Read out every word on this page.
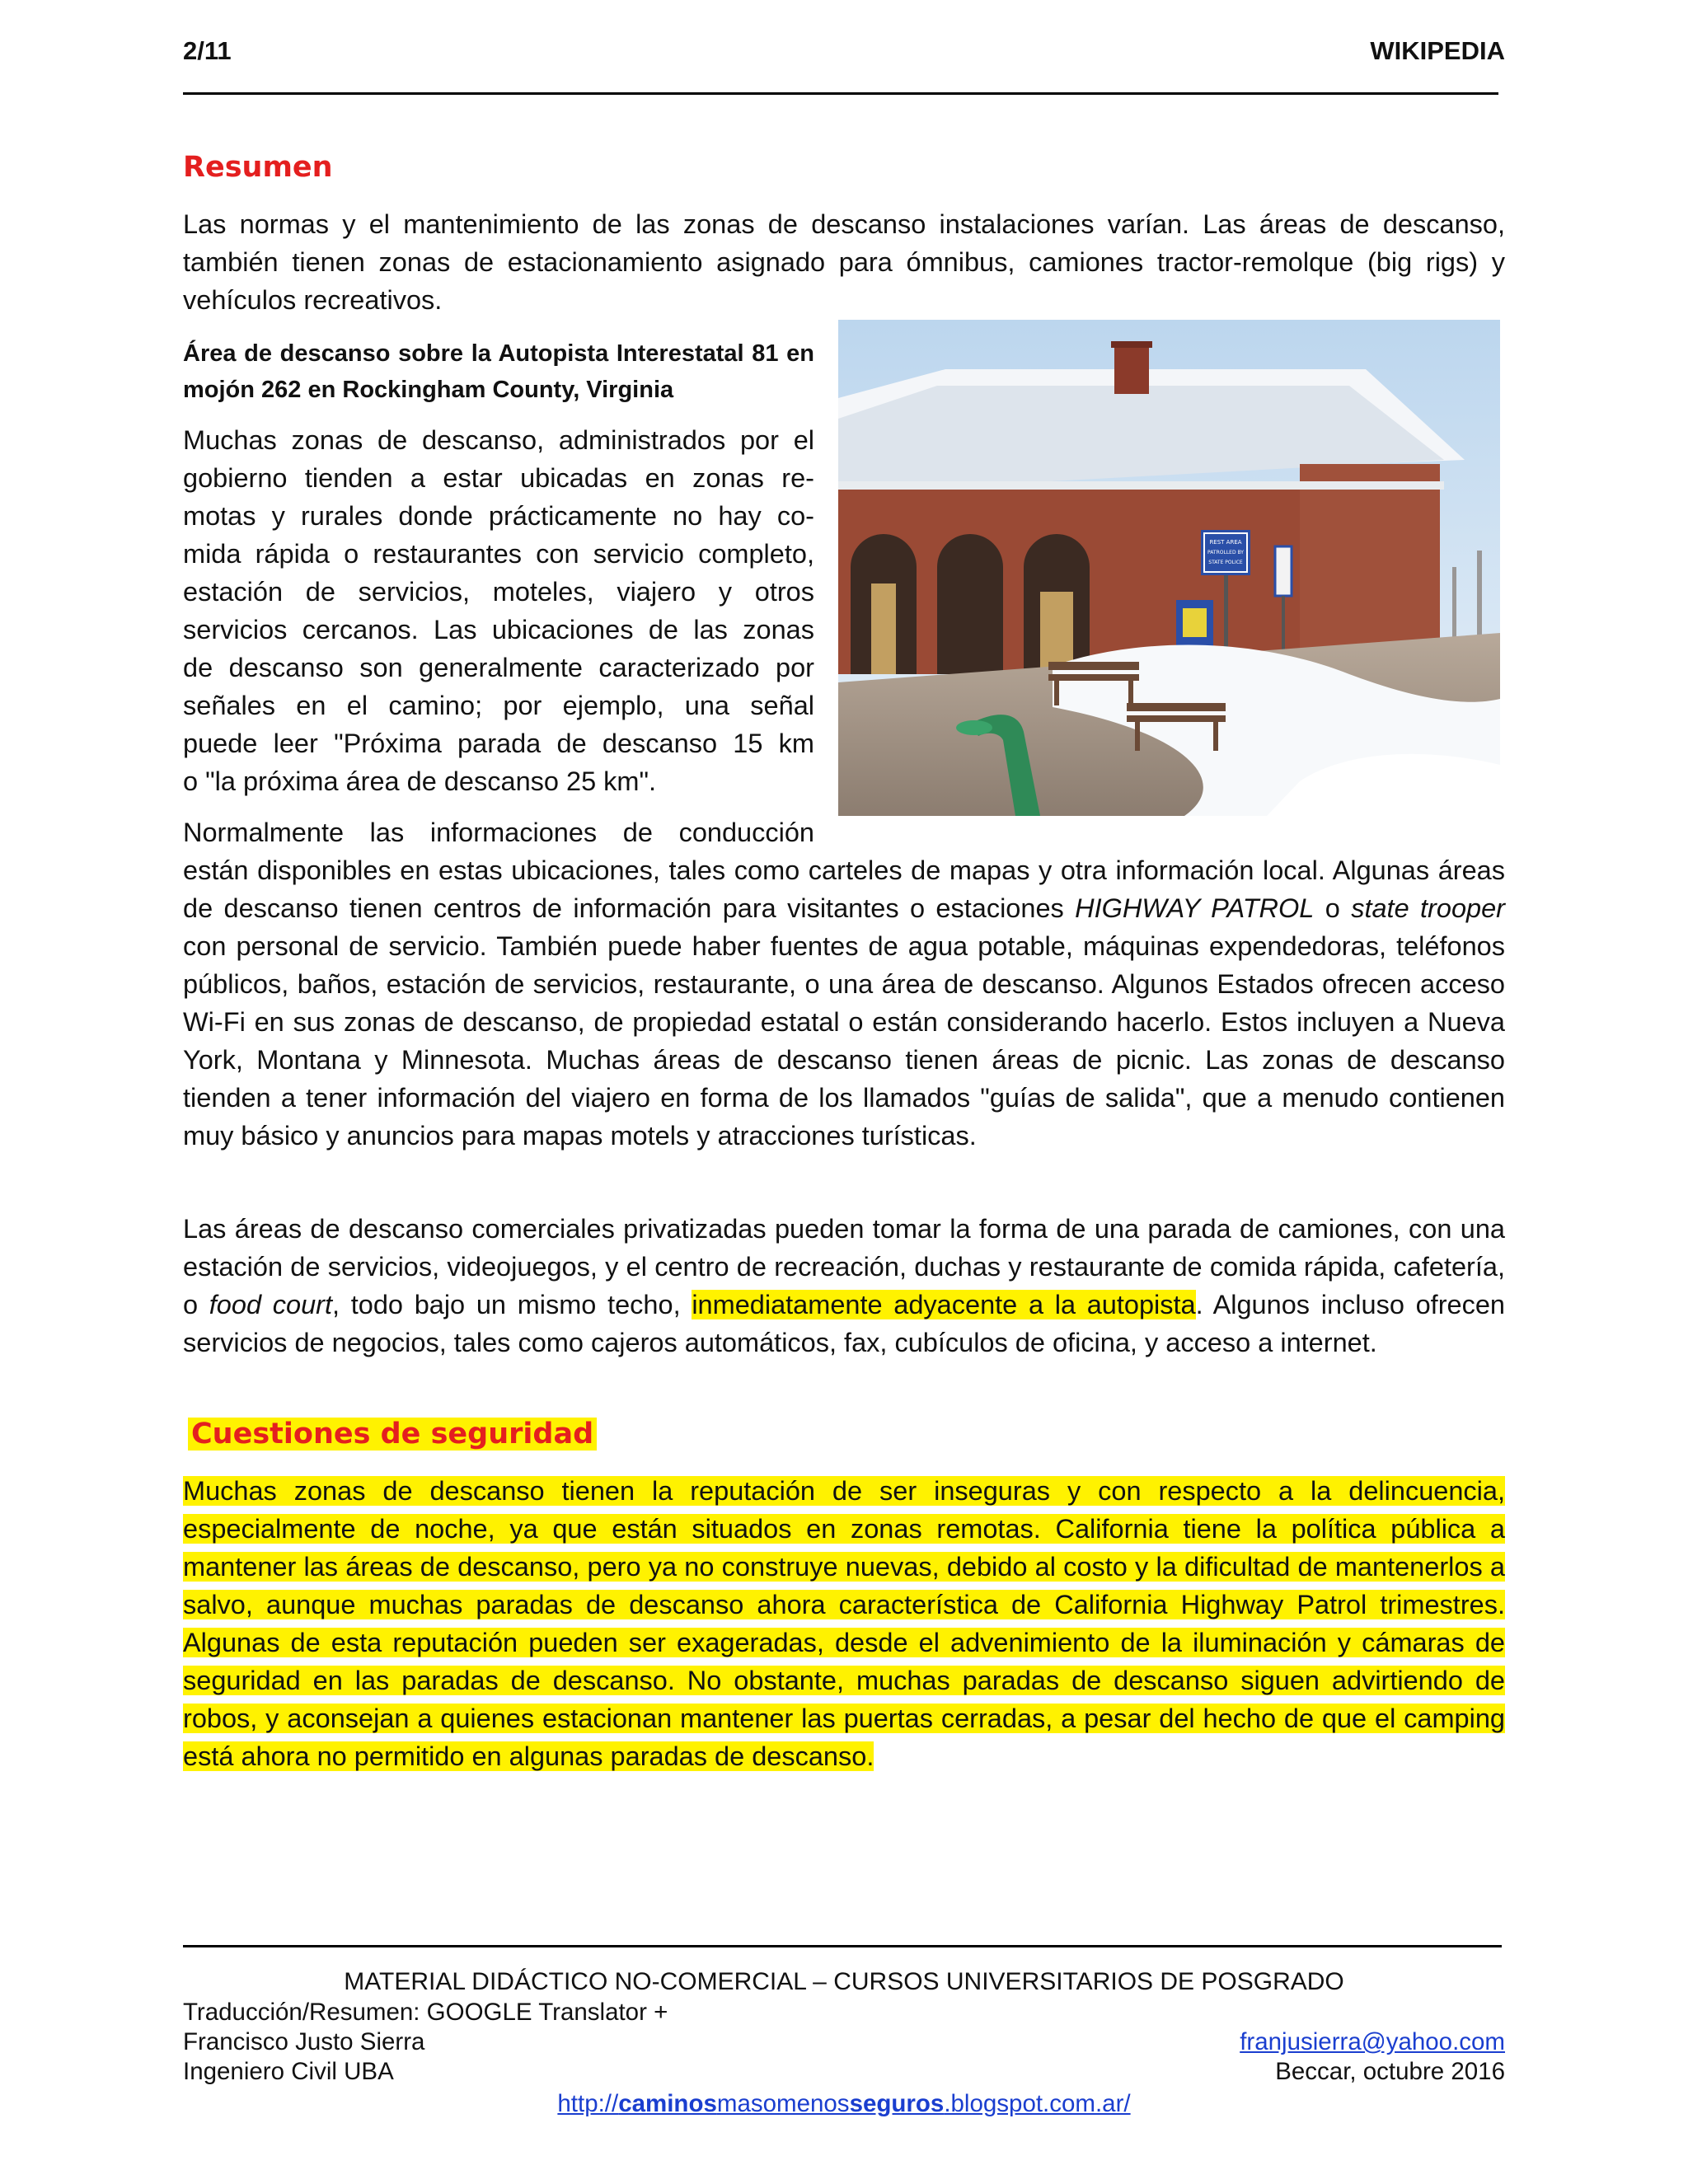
2/11	WIKIPEDIA
Resumen

Las normas y el mantenimiento de las zonas de descanso instalaciones varían. Las áreas de descanso, también tienen zonas de estacionamiento asignado para ómnibus, camiones tractor-remolque (big rigs) y vehículos recreativos.

Área de descanso sobre la Autopista Interestatal 81 en mojón 262 en Rockingham County, Virginia

Muchas zonas de descanso, administrados por el
gobierno tienden a estar ubicadas en zonas re-
motas y rurales donde prácticamente no hay co-
mida rápida o restaurantes con servicio completo,
estación de servicios, moteles, viajero y otros
servicios cercanos. Las ubicaciones de las zonas
de descanso son generalmente caracterizado por
señales en el camino; por ejemplo, una señal
puede leer "Próxima parada de descanso 15 km
o "la próxima área de descanso 25 km".
REST AREA
PATROLLED BY
STATE POLICE
Normalmente las informaciones de conducción

están disponibles en estas ubicaciones, tales como carteles de mapas y otra información local. Algunas áreas de descanso tienen centros de información para visitantes o estaciones HIGHWAY PATROL o state trooper con personal de servicio. También puede haber fuentes de agua potable, máquinas expendedoras, teléfonos públicos, baños, estación de servicios, restaurante, o una área de descanso. Algunos Estados ofrecen acceso Wi-Fi en sus zonas de descanso, de propiedad estatal o están considerando hacerlo. Estos incluyen a Nueva York, Montana y Minnesota. Muchas áreas de descanso tienen áreas de picnic. Las zonas de descanso tienden a tener información del viajero en forma de los llamados "guías de salida", que a menudo contienen muy básico y anuncios para mapas motels y atracciones turísticas.

Las áreas de descanso comerciales privatizadas pueden tomar la forma de una parada de camiones, con una estación de servicios, videojuegos, y el centro de recreación, duchas y restaurante de comida rápida, cafetería, o food court, todo bajo un mismo techo, inmediatamente adyacente a la autopista. Algunos incluso ofrecen servicios de negocios, tales como cajeros automáticos, fax, cubículos de oficina, y acceso a internet.

Cuestiones de seguridad

Muchas zonas de descanso tienen la reputación de ser inseguras y con respecto a la delincuencia, especialmente de noche, ya que están situados en zonas remotas. California tiene la política pública a mantener las áreas de descanso, pero ya no construye nuevas, debido al costo y la dificultad de mantenerlos a salvo, aunque muchas paradas de descanso ahora característica de California Highway Patrol trimestres. Algunas de esta reputación pueden ser exageradas, desde el advenimiento de la iluminación y cámaras de seguridad en las paradas de descanso. No obstante, muchas paradas de descanso siguen advirtiendo de robos, y aconsejan a quienes estacionan mantener las puertas cerradas, a pesar del hecho de que el camping está ahora no permitido en algunas paradas de descanso.

MATERIAL DIDÁCTICO NO-COMERCIAL – CURSOS UNIVERSITARIOS DE POSGRADO
Traducción/Resumen: GOOGLE Translator +
Francisco Justo Sierra
Ingeniero Civil UBA
franjusierra@yahoo.com
Beccar, octubre 2016
http://caminosmasomenosseguros.blogspot.com.ar/
